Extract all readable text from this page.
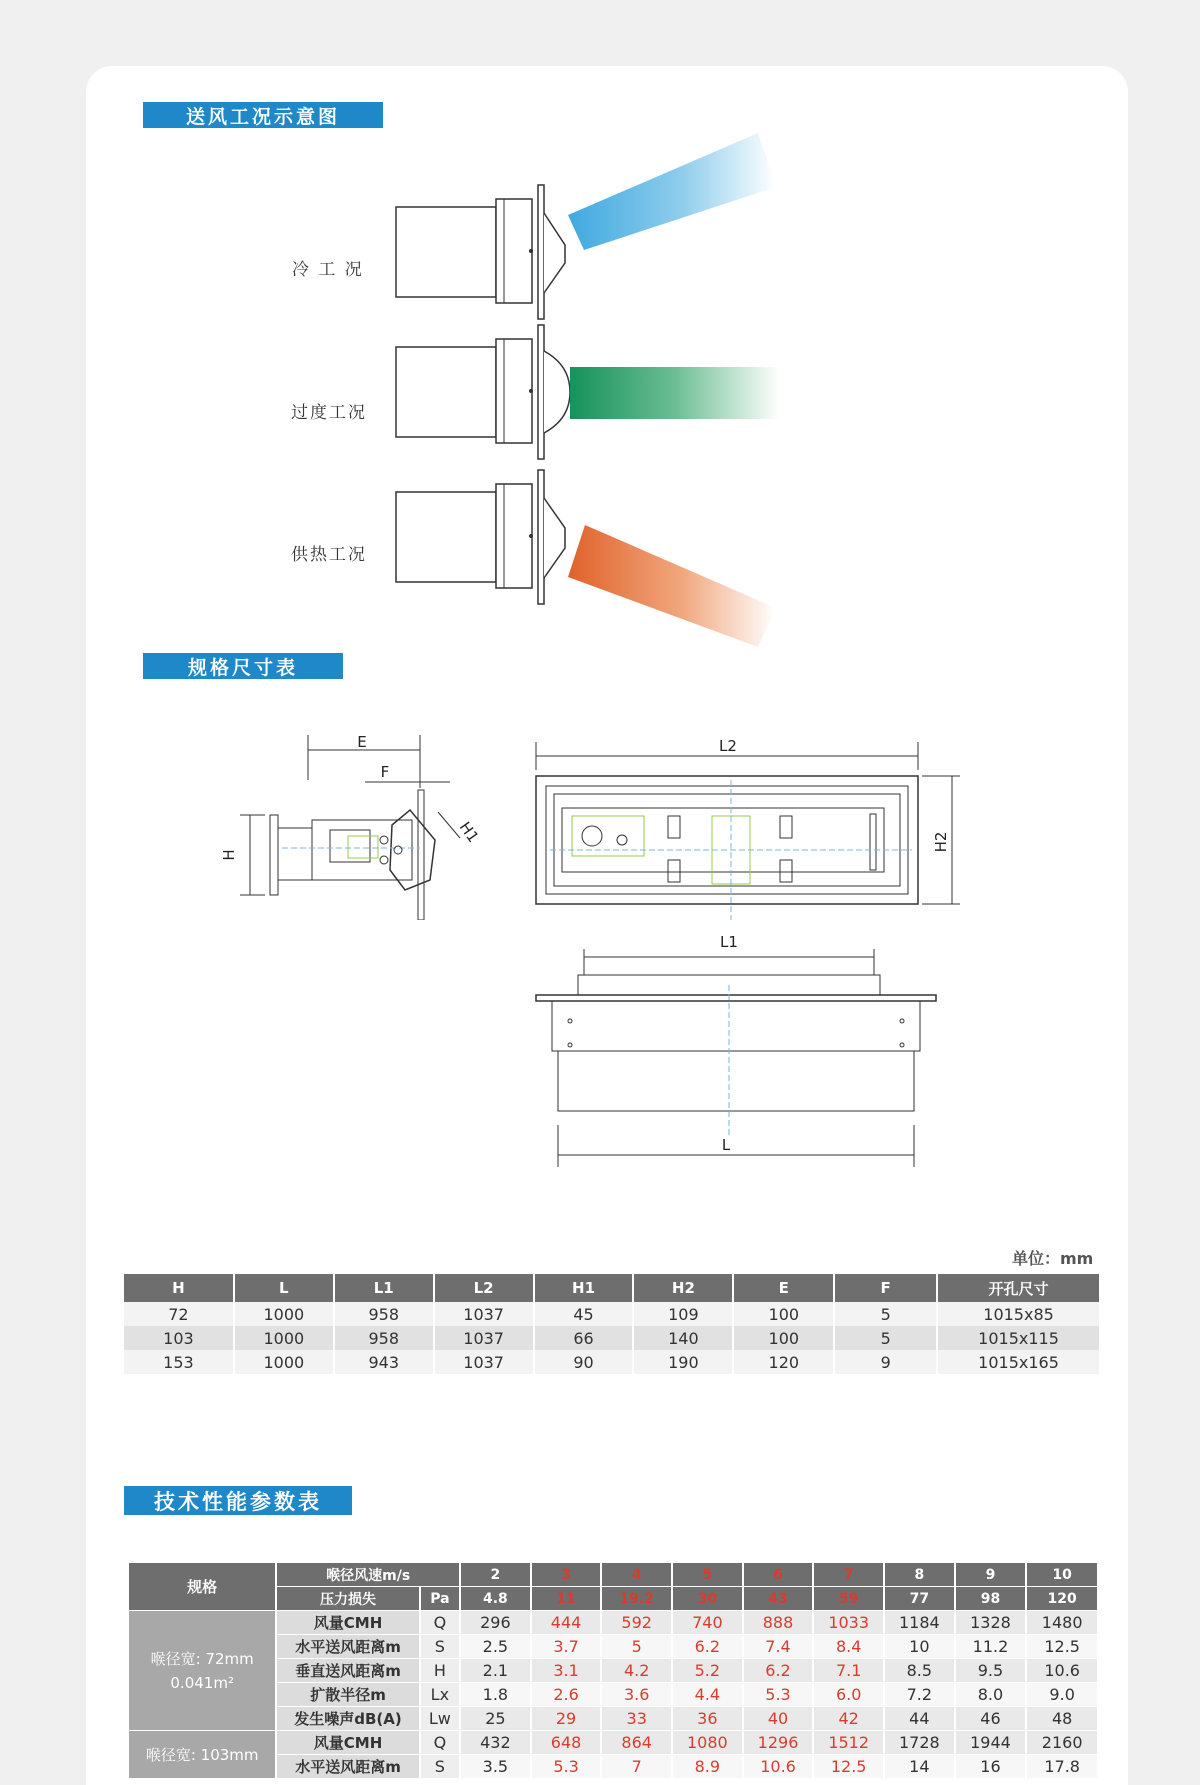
送风工况示意图
冷 工 况
过度工况
供热工况
规格尺寸表
E
F
H
H1
L2
H2
L1
L
单位：mm
H	L	L1	L2	H1	H2	E	F	开孔尺寸
72	1000	958	1037	45	109	100	5	1015x85
103	1000	958	1037	66	140	100	5	1015x115
153	1000	943	1037	90	190	120	9	1015x165
技术性能参数表
规格	喉径风速m/s		2	3	4	5	6	7	8	9	10
	压力损失	Pa	4.8	11	19.2	30	43	59	77	98	120

喉径宽: 72mm
0.041m²	风量CMH	Q	296	444	592	740	888	1033	1184	1328	1480
	水平送风距离m	S	2.5	3.7	5	6.2	7.4	8.4	10	11.2	12.5
	垂直送风距离m	H	2.1	3.1	4.2	5.2	6.2	7.1	8.5	9.5	10.6
	扩散半径m	Lx	1.8	2.6	3.6	4.4	5.3	6.0	7.2	8.0	9.0
	发生噪声dB(A)	Lw	25	29	33	36	40	42	44	46	48

喉径宽: 103mm	风量CMH	Q	432	648	864	1080	1296	1512	1728	1944	2160
	水平送风距离m	S	3.5	5.3	7	8.9	10.6	12.5	14	16	17.8
